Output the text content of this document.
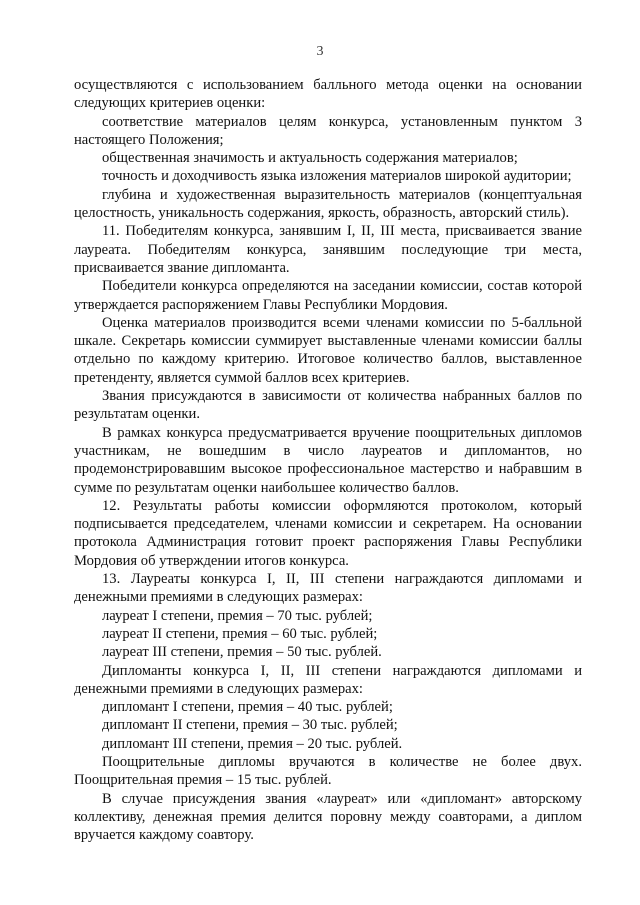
3

осуществляются с использованием балльного метода оценки на основании следующих критериев оценки:

соответствие материалов целям конкурса, установленным пунктом 3 настоящего Положения;

общественная значимость и актуальность содержания материалов;

точность и доходчивость языка изложения материалов широкой аудитории;

глубина и художественная выразительность материалов (концептуальная целостность, уникальность содержания, яркость, образность, авторский стиль).

11. Победителям конкурса, занявшим I, II, III места, присваивается звание лауреата. Победителям конкурса, занявшим последующие три места, присваивается звание дипломанта.

Победители конкурса определяются на заседании комиссии, состав которой утверждается распоряжением Главы Республики Мордовия.

Оценка материалов производится всеми членами комиссии по 5-балльной шкале. Секретарь комиссии суммирует выставленные членами комиссии баллы отдельно по каждому критерию. Итоговое количество баллов, выставленное претенденту, является суммой баллов всех критериев.

Звания присуждаются в зависимости от количества набранных баллов по результатам оценки.

В рамках конкурса предусматривается вручение поощрительных дипломов участникам, не вошедшим в число лауреатов и дипломантов, но продемонстрировавшим высокое профессиональное мастерство и набравшим в сумме по результатам оценки наибольшее количество баллов.

12. Результаты работы комиссии оформляются протоколом, который подписывается председателем, членами комиссии и секретарем. На основании протокола Администрация готовит проект распоряжения Главы Республики Мордовия об утверждении итогов конкурса.

13. Лауреаты конкурса I, II, III степени награждаются дипломами и денежными премиями в следующих размерах:

лауреат I степени, премия – 70 тыс. рублей;

лауреат II степени, премия – 60 тыс. рублей;

лауреат III степени, премия – 50 тыс. рублей.

Дипломанты конкурса I, II, III степени награждаются дипломами и денежными премиями в следующих размерах:

дипломант I степени, премия – 40 тыс. рублей;

дипломант II степени, премия – 30 тыс. рублей;

дипломант III степени, премия – 20 тыс. рублей.

Поощрительные дипломы вручаются в количестве не более двух. Поощрительная премия – 15 тыс. рублей.

В случае присуждения звания «лауреат» или «дипломант» авторскому коллективу, денежная премия делится поровну между соавторами, а диплом вручается каждому соавтору.
